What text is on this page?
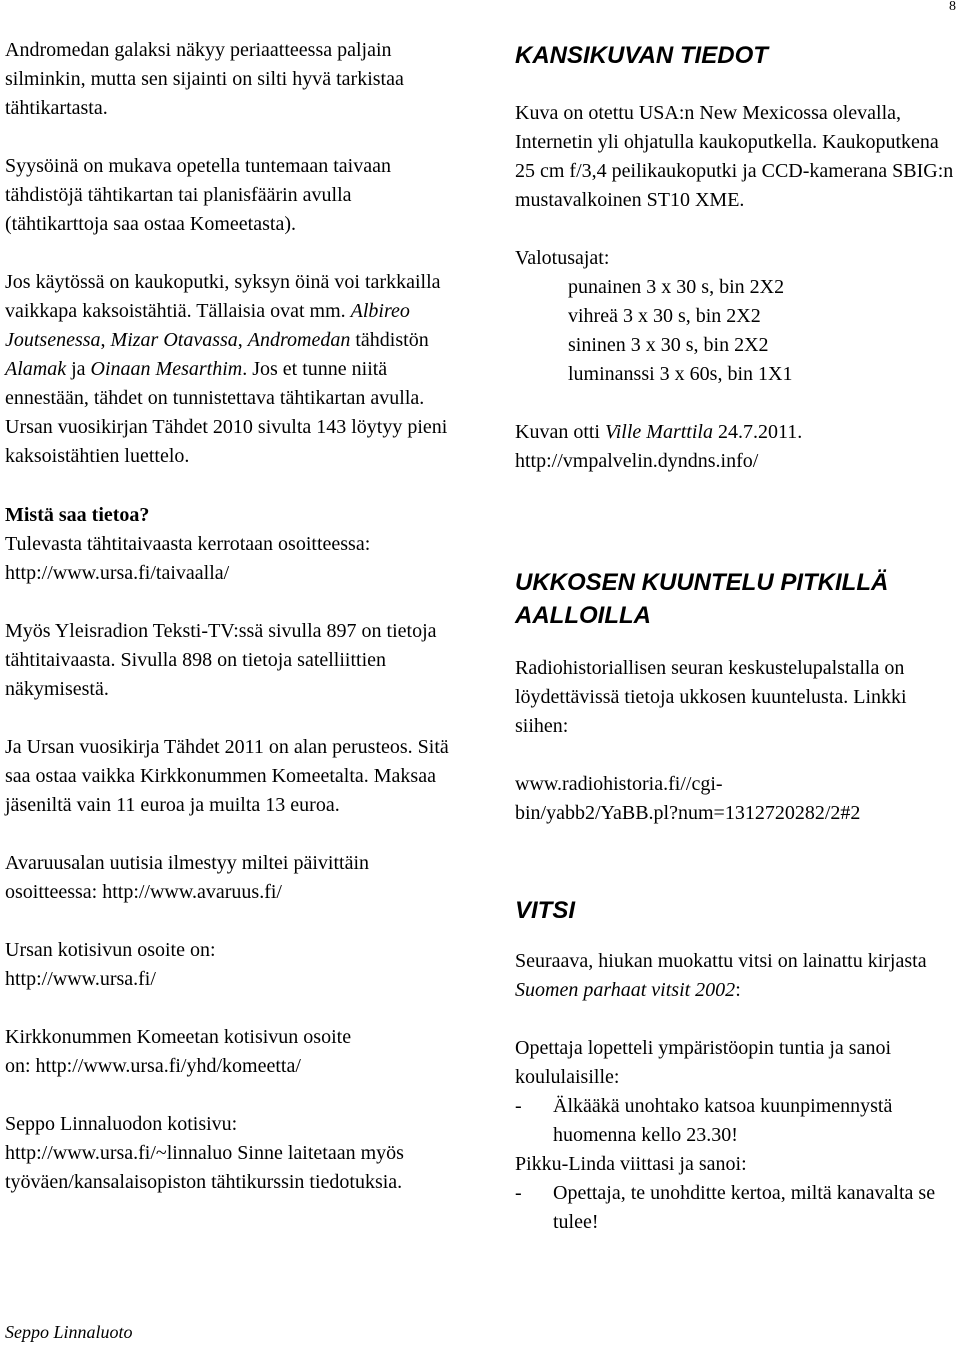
8

Andromedan galaksi näkyy periaatteessa paljain silminkin, mutta sen sijainti on silti hyvä tarkistaa tähtikartasta.

Syysöinä on mukava opetella tuntemaan taivaan tähdistöjä tähtikartan tai planisfäärin avulla (tähtikarttoja saa ostaa Komeetasta).

Jos käytössä on kaukoputki, syksyn öinä voi tarkkailla vaikkapa kaksoistähtiä. Tällaisia ovat mm. Albireo Joutsenessa, Mizar Otavassa, Andromedan tähdistön Alamak ja Oinaan Mesarthim. Jos et tunne niitä ennestään, tähdet on tunnistettava tähtikartan avulla. Ursan vuosikirjan Tähdet 2010 sivulta 143 löytyy pieni kaksoistähtien luettelo.

Mistä saa tietoa?

Tulevasta tähtitaivaasta kerrotaan osoitteessa:

http://www.ursa.fi/taivaalla/

Myös Yleisradion Teksti-TV:ssä sivulla 897 on tietoja tähtitaivaasta. Sivulla 898 on tietoja satelliittien näkymisestä.

Ja Ursan vuosikirja Tähdet 2011 on alan perusteos. Sitä saa ostaa vaikka Kirkkonummen Komeetalta. Maksaa jäseniltä vain 11 euroa ja muilta 13 euroa.

Avaruusalan uutisia ilmestyy miltei päivittäin osoitteessa: http://www.avaruus.fi/

Ursan kotisivun osoite on:

http://www.ursa.fi/

Kirkkonummen Komeetan kotisivun osoite

on: http://www.ursa.fi/yhd/komeetta/

Seppo Linnaluodon kotisivu:

http://www.ursa.fi/~linnaluo Sinne laitetaan myös työväen/kansalaisopiston tähtikurssin tiedotuksia.

Seppo Linnaluoto
KANSIKUVAN TIEDOT

Kuva on otettu USA:n New Mexicossa olevalla, Internetin yli ohjatulla kaukoputkella. Kaukoputkena 25 cm f/3,4 peilikaukoputki ja CCD-kamerana SBIG:n mustavalkoinen ST10 XME.

Valotusajat:

punainen 3 x 30 s, bin 2X2

vihreä 3 x 30 s, bin 2X2

sininen 3 x 30 s, bin 2X2

luminanssi 3 x 60s, bin 1X1

Kuvan otti Ville Marttila 24.7.2011.

http://vmpalvelin.dyndns.info/

UKKOSEN KUUNTELU PITKILLÄ
AALLOILLA

Radiohistoriallisen seuran keskustelupalstalla on löydettävissä tietoja ukkosen kuuntelusta. Linkki siihen:

www.radiohistoria.fi//cgi-
bin/yabb2/YaBB.pl?num=1312720282/2#2

VITSI

Seuraava, hiukan muokattu vitsi on lainattu kirjasta Suomen parhaat vitsit 2002:

Opettaja lopetteli ympäristöopin tuntia ja sanoi koululaisille:

-	Älkääkä unohtako katsoa kuunpimennystä huomenna kello 23.30!

Pikku-Linda viittasi ja sanoi:

-	Opettaja, te unohditte kertoa, miltä kanavalta se tulee!
